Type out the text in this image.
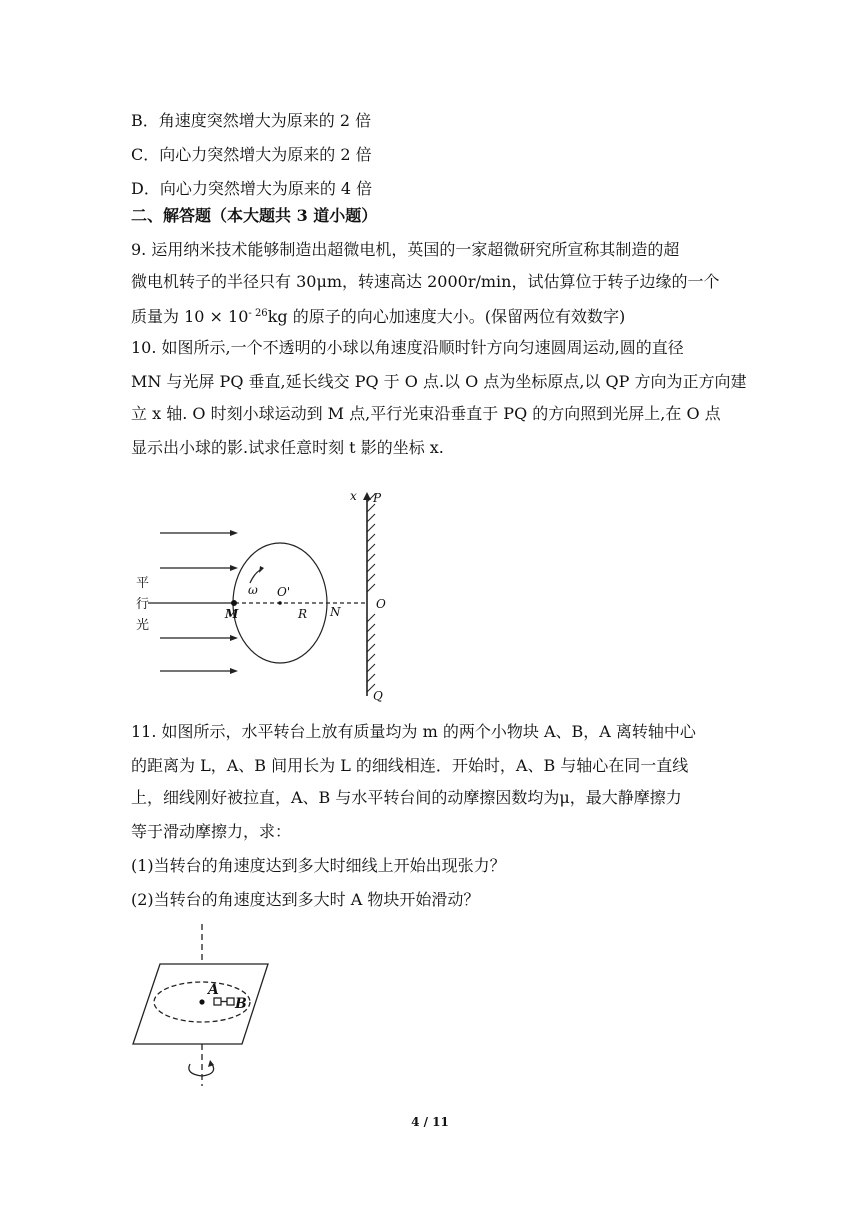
B．角速度突然增大为原来的 2 倍
C．向心力突然增大为原来的 2 倍
D．向心力突然增大为原来的 4 倍
二、解答题（本大题共 3 道小题）
9. 运用纳米技术能够制造出超微电机，英国的一家超微研究所宣称其制造的超
微电机转子的半径只有 30μm，转速高达 2000r/min，试估算位于转子边缘的一个
质量为 $10 \times 10^{- 26}kg$ 的原子的向心加速度大小。(保留两位有效数字)
10. 如图所示,一个不透明的小球以角速度沿顺时针方向匀速圆周运动,圆的直径
MN 与光屏 PQ 垂直,延长线交 PQ 于 O 点.以 O 点为坐标原点,以 QP 方向为正方向建
立 x 轴. O 时刻小球运动到 M 点,平行光束沿垂直于 PQ 的方向照到光屏上,在 O 点
显示出小球的影.试求任意时刻 t 影的坐标 x.
平
行
光
M	N
O
O'
R
ω
x P
Q
11. 如图所示，水平转台上放有质量均为 m 的两个小物块 A、B，A 离转轴中心
的距离为 L，A、B 间用长为 L 的细线相连．开始时，A、B 与轴心在同一直线
上，细线刚好被拉直，A、B 与水平转台间的动摩擦因数均为μ，最大静摩擦力
等于滑动摩擦力，求：
(1)当转台的角速度达到多大时细线上开始出现张力？
(2)当转台的角速度达到多大时 A 物块开始滑动？
A
B
4 / 11
